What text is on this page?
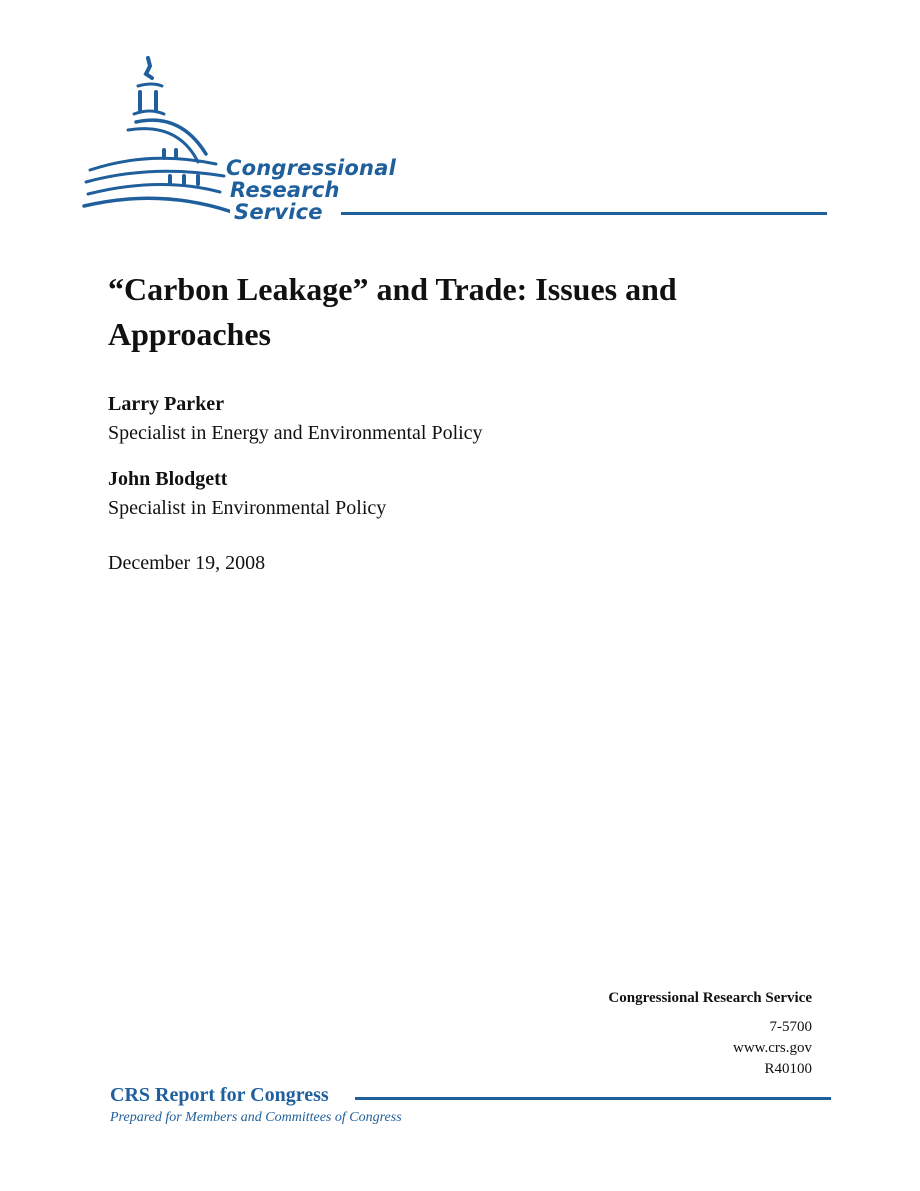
Congressional
Research
Service
“Carbon Leakage” and Trade: Issues and Approaches

Larry Parker

Specialist in Energy and Environmental Policy

John Blodgett

Specialist in Environmental Policy

December 19, 2008

Congressional Research Service
7-5700
www.crs.gov
R40100
CRS Report for Congress
Prepared for Members and Committees of Congress
